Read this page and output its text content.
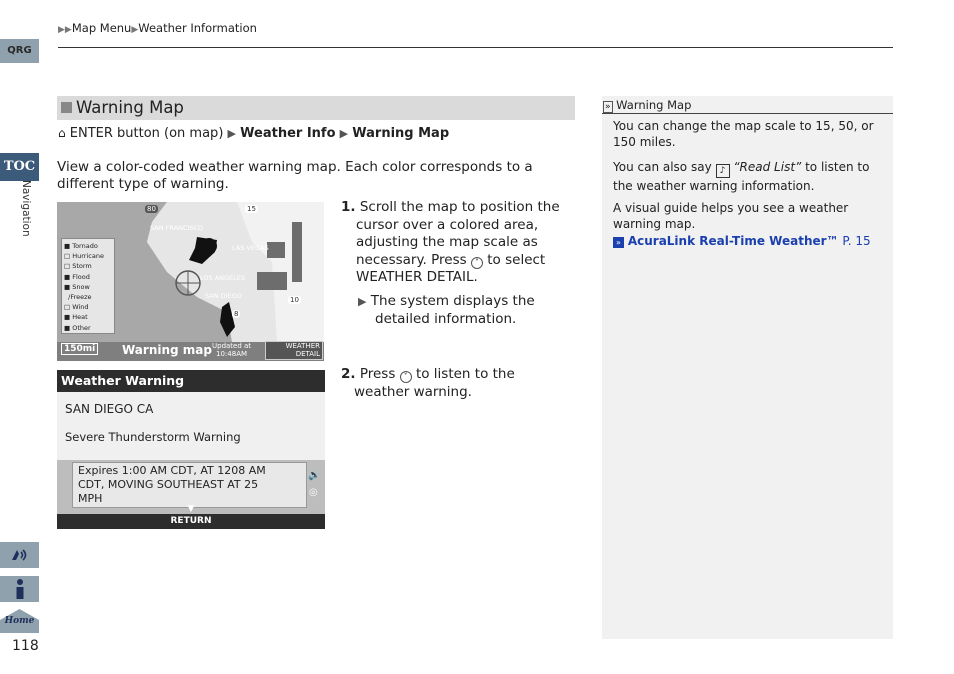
▶▶Map Menu▶Weather Information
QRG
TOC
Navigation
Home
118
Warning Map
⌂ ENTER button (on map) ▶ Weather Info ▶ Warning Map
View a color-coded weather warning map. Each color corresponds to a different type of warning.
■ Tornado
□ Hurricane
□ Storm
■ Flood
■ Snow
/Freeze
□ Wind
■ Heat
■ Other
SAN FRANCISCO
LAS VEGAS
LOS ANGELES
SAN DIEGO
80	15
10
8
150mi Warning map Updated at
10:48AM
WEATHER
DETAIL
Weather Warning
SAN DIEGO CA
Severe Thunderstorm Warning
Expires 1:00 AM CDT, AT 1208 AM
CDT, MOVING SOUTHEAST AT 25
MPH
🔊
◎
▼
RETURN
1. Scroll the map to position the
cursor over a colored area,
adjusting the map scale as
necessary. Press ˅ to select
WEATHER DETAIL.
▶ The system displays the
detailed information.
2. Press ˅ to listen to the
weather warning.
» Warning Map
You can change the map scale to 15, 50, or 150 miles.
You can also say ♪ “Read List” to listen to the weather warning information.
A visual guide helps you see a weather warning map.
» AcuraLink Real-Time Weather™ P. 15
